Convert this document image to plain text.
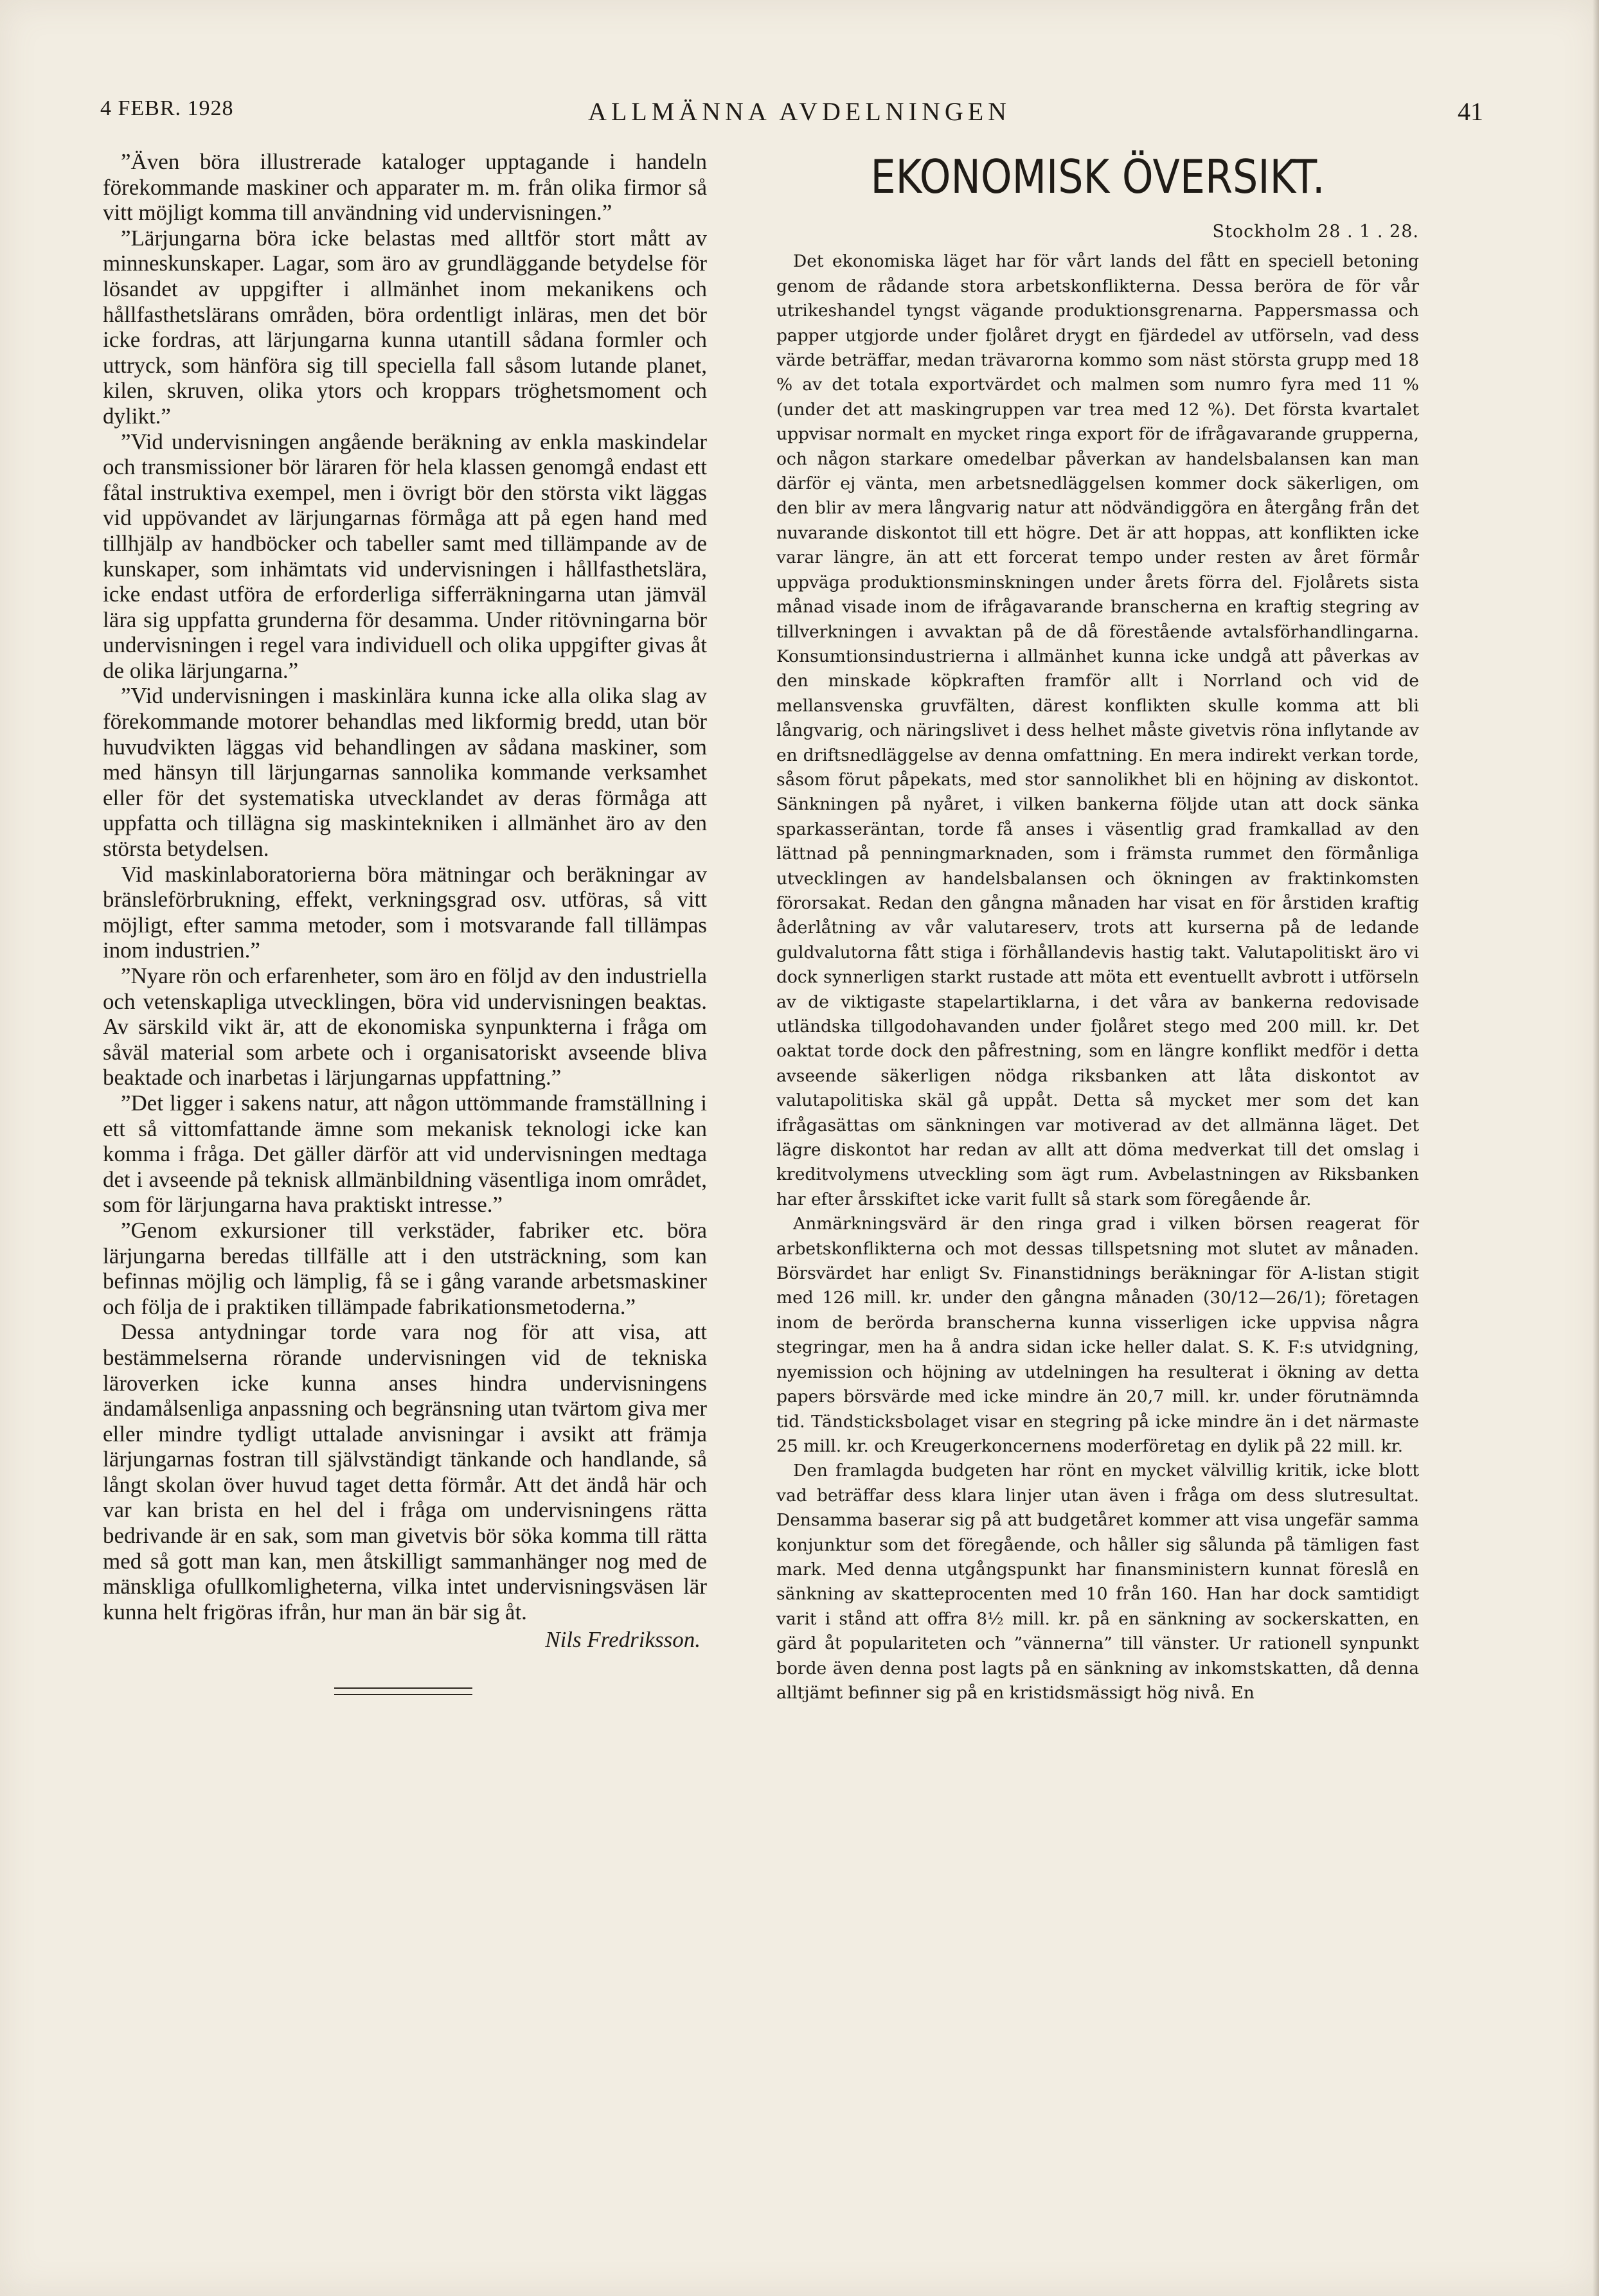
4 FEBR. 1928	ALLMÄNNA AVDELNINGEN	41

”Även böra illustrerade kataloger upptagande i handeln förekommande maskiner och apparater m. m. från olika firmor så vitt möjligt komma till användning vid undervisningen.”

”Lärjungarna böra icke belastas med alltför stort mått av minneskunskaper. Lagar, som äro av grundläggande betydelse för lösandet av uppgifter i allmänhet inom mekanikens och hållfasthetslärans områden, böra ordentligt inläras, men det bör icke fordras, att lärjungarna kunna utantill sådana formler och uttryck, som hänföra sig till speciella fall såsom lutande planet, kilen, skruven, olika ytors och kroppars tröghetsmoment och dylikt.”

”Vid undervisningen angående beräkning av enkla maskindelar och transmissioner bör läraren för hela klassen genomgå endast ett fåtal instruktiva exempel, men i övrigt bör den största vikt läggas vid uppövandet av lärjungarnas förmåga att på egen hand med tillhjälp av handböcker och tabeller samt med tillämpande av de kunskaper, som inhämtats vid undervisningen i hållfasthetslära, icke endast utföra de erforderliga sifferräkningarna utan jämväl lära sig uppfatta grunderna för desamma. Under ritövningarna bör undervisningen i regel vara individuell och olika uppgifter givas åt de olika lärjungarna.”

”Vid undervisningen i maskinlära kunna icke alla olika slag av förekommande motorer behandlas med likformig bredd, utan bör huvudvikten läggas vid behandlingen av sådana maskiner, som med hänsyn till lärjungarnas sannolika kommande verksamhet eller för det systematiska utvecklandet av deras förmåga att uppfatta och tillägna sig maskintekniken i allmänhet äro av den största betydelsen.

Vid maskinlaboratorierna böra mätningar och beräkningar av bränsleförbrukning, effekt, verkningsgrad osv. utföras, så vitt möjligt, efter samma metoder, som i motsvarande fall tillämpas inom industrien.”

”Nyare rön och erfarenheter, som äro en följd av den industriella och vetenskapliga utvecklingen, böra vid undervisningen beaktas. Av särskild vikt är, att de ekonomiska synpunkterna i fråga om såväl material som arbete och i organisatoriskt avseende bliva beaktade och inarbetas i lärjungarnas uppfattning.”

”Det ligger i sakens natur, att någon uttömmande framställning i ett så vittomfattande ämne som mekanisk teknologi icke kan komma i fråga. Det gäller därför att vid undervisningen medtaga det i avseende på teknisk allmänbildning väsentliga inom området, som för lärjungarna hava praktiskt intresse.”

”Genom exkursioner till verkstäder, fabriker etc. böra lärjungarna beredas tillfälle att i den utsträckning, som kan befinnas möjlig och lämplig, få se i gång varande arbetsmaskiner och följa de i praktiken tillämpade fabrikationsmetoderna.”

Dessa antydningar torde vara nog för att visa, att bestämmelserna rörande undervisningen vid de tekniska läroverken icke kunna anses hindra undervisningens ändamålsenliga anpassning och begränsning utan tvärtom giva mer eller mindre tydligt uttalade anvisningar i avsikt att främja lärjungarnas fostran till självständigt tänkande och handlande, så långt skolan över huvud taget detta förmår. Att det ändå här och var kan brista en hel del i fråga om undervisningens rätta bedrivande är en sak, som man givetvis bör söka komma till rätta med så gott man kan, men åtskilligt sammanhänger nog med de mänskliga ofullkomligheterna, vilka intet undervisningsväsen lär kunna helt frigöras ifrån, hur man än bär sig åt.

Nils Fredriksson.

EKONOMISK ÖVERSIKT.
Stockholm 28 . 1 . 28.

Det ekonomiska läget har för vårt lands del fått en speciell betoning genom de rådande stora arbetskonflikterna. Dessa beröra de för vår utrikeshandel tyngst vägande produktionsgrenarna. Pappersmassa och papper utgjorde under fjolåret drygt en fjärdedel av utförseln, vad dess värde beträffar, medan trävarorna kommo som näst största grupp med 18 % av det totala exportvärdet och malmen som numro fyra med 11 % (under det att maskingruppen var trea med 12 %). Det första kvartalet uppvisar normalt en mycket ringa export för de ifrågavarande grupperna, och någon starkare omedelbar påverkan av handelsbalansen kan man därför ej vänta, men arbetsnedläggelsen kommer dock säkerligen, om den blir av mera långvarig natur att nödvändiggöra en återgång från det nuvarande diskontot till ett högre. Det är att hoppas, att konflikten icke varar längre, än att ett forcerat tempo under resten av året förmår uppväga produktionsminskningen under årets förra del. Fjolårets sista månad visade inom de ifrågavarande branscherna en kraftig stegring av tillverkningen i avvaktan på de då förestående avtalsförhandlingarna. Konsumtionsindustrierna i allmänhet kunna icke undgå att påverkas av den minskade köpkraften framför allt i Norrland och vid de mellansvenska gruvfälten, därest konflikten skulle komma att bli långvarig, och näringslivet i dess helhet måste givetvis röna inflytande av en driftsnedläggelse av denna omfattning. En mera indirekt verkan torde, såsom förut påpekats, med stor sannolikhet bli en höjning av diskontot. Sänkningen på nyåret, i vilken bankerna följde utan att dock sänka sparkasseräntan, torde få anses i väsentlig grad framkallad av den lättnad på penningmarknaden, som i främsta rummet den förmånliga utvecklingen av handelsbalansen och ökningen av fraktinkomsten förorsakat. Redan den gångna månaden har visat en för årstiden kraftig åderlåtning av vår valutareserv, trots att kurserna på de ledande guldvalutorna fått stiga i förhållandevis hastig takt. Valutapolitiskt äro vi dock synnerligen starkt rustade att möta ett eventuellt avbrott i utförseln av de viktigaste stapelartiklarna, i det våra av bankerna redovisade utländska tillgodohavanden under fjolåret stego med 200 mill. kr. Det oaktat torde dock den påfrestning, som en längre konflikt medför i detta avseende säkerligen nödga riksbanken att låta diskontot av valutapolitiska skäl gå uppåt. Detta så mycket mer som det kan ifrågasättas om sänkningen var motiverad av det allmänna läget. Det lägre diskontot har redan av allt att döma medverkat till det omslag i kreditvolymens utveckling som ägt rum. Avbelastningen av Riksbanken har efter årsskiftet icke varit fullt så stark som föregående år.

Anmärkningsvärd är den ringa grad i vilken börsen reagerat för arbetskonflikterna och mot dessas tillspetsning mot slutet av månaden. Börsvärdet har enligt Sv. Finanstidnings beräkningar för A-listan stigit med 126 mill. kr. under den gångna månaden (30/12—26/1); företagen inom de berörda branscherna kunna visserligen icke uppvisa några stegringar, men ha å andra sidan icke heller dalat. S. K. F:s utvidgning, nyemission och höjning av utdelningen ha resulterat i ökning av detta papers börsvärde med icke mindre än 20,7 mill. kr. under förutnämnda tid. Tändsticksbolaget visar en stegring på icke mindre än i det närmaste 25 mill. kr. och Kreugerkoncernens moderföretag en dylik på 22 mill. kr.

Den framlagda budgeten har rönt en mycket välvillig kritik, icke blott vad beträffar dess klara linjer utan även i fråga om dess slutresultat. Densamma baserar sig på att budgetåret kommer att visa ungefär samma konjunktur som det föregående, och håller sig sålunda på tämligen fast mark. Med denna utgångspunkt har finansministern kunnat föreslå en sänkning av skatteprocenten med 10 från 160. Han har dock samtidigt varit i stånd att offra 8½ mill. kr. på en sänkning av sockerskatten, en gärd åt populariteten och ”vännerna” till vänster. Ur rationell synpunkt borde även denna post lagts på en sänkning av inkomstskatten, då denna alltjämt befinner sig på en kristidsmässigt hög nivå. En
